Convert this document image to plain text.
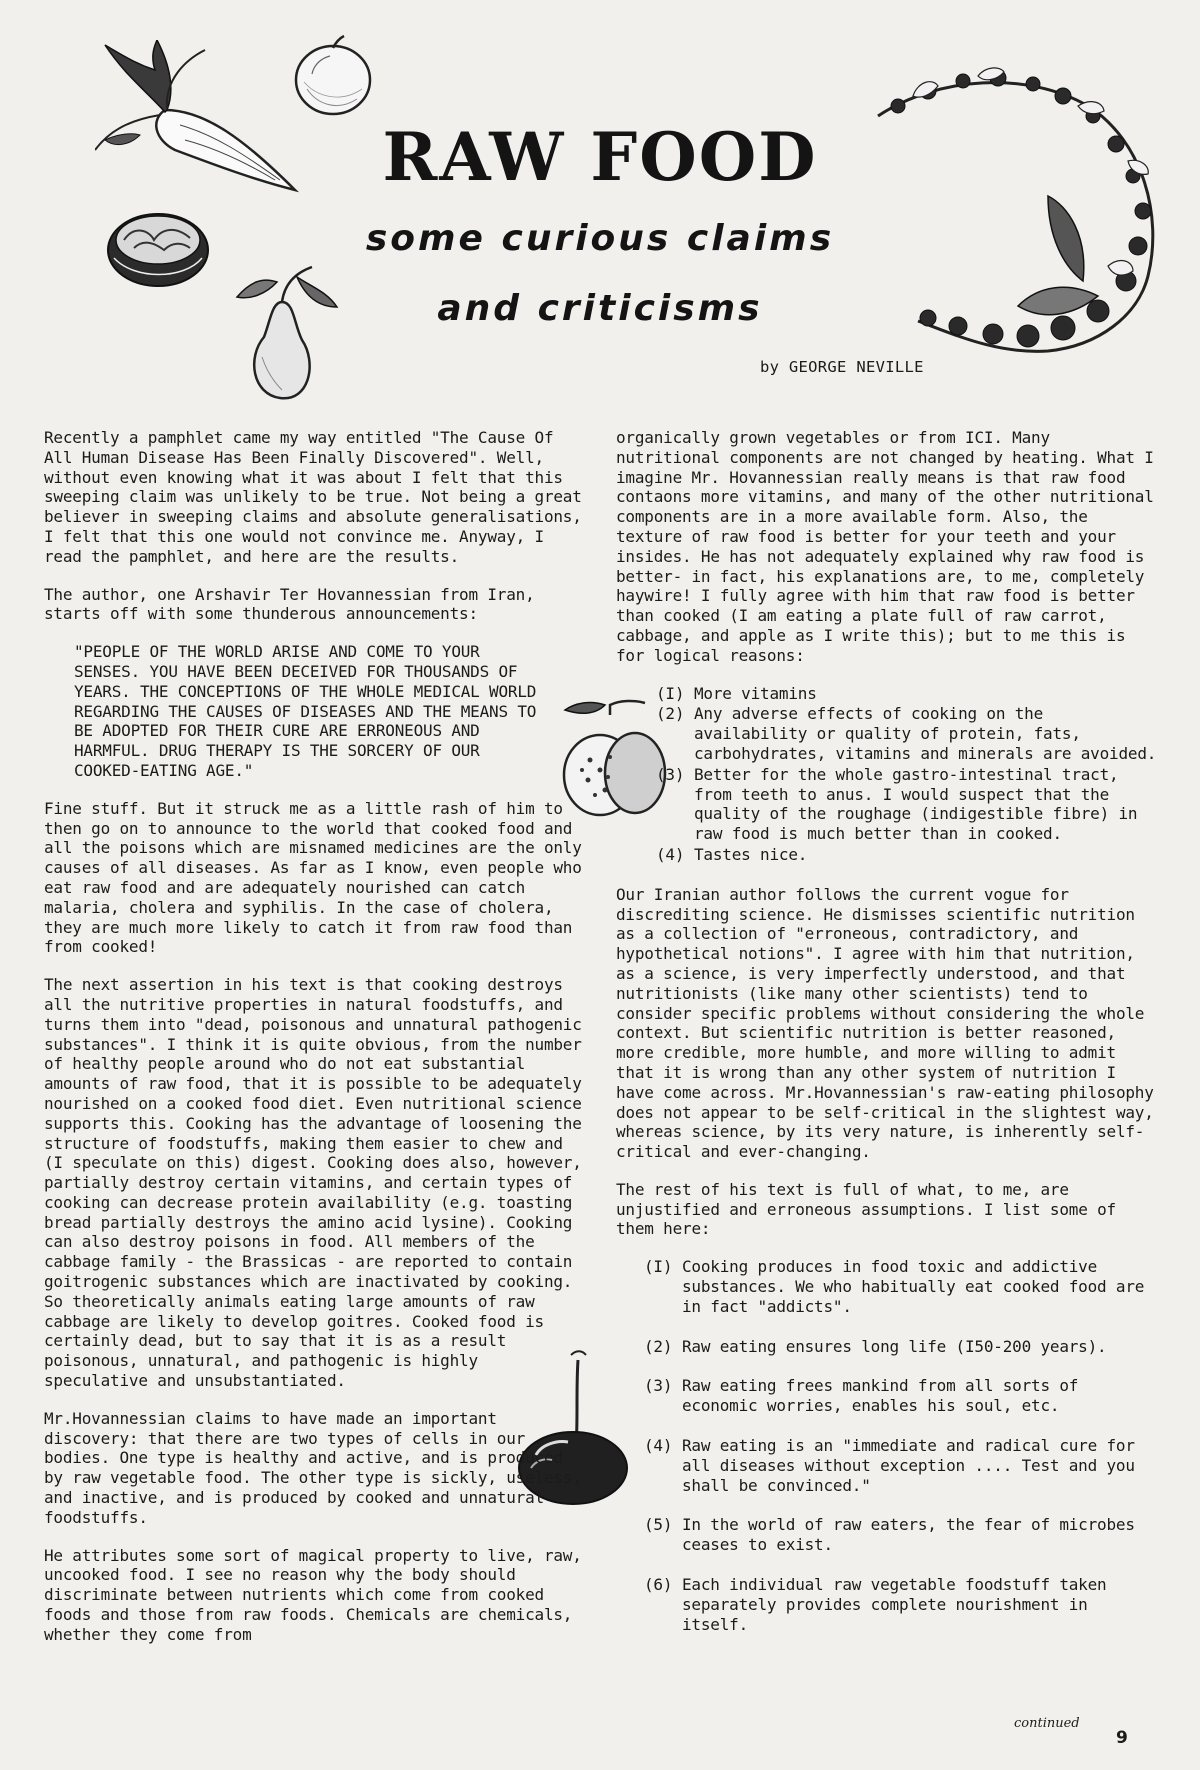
RAW FOOD
some curious claims
and criticisms
by GEORGE NEVILLE

Recently a pamphlet came my way entitled "The Cause Of All Human Disease Has Been Finally Discovered". Well, without even knowing what it was about I felt that this sweeping claim was unlikely to be true. Not being a great believer in sweeping claims and absolute generalisations, I felt that this one would not convince me. Anyway, I read the pamphlet, and here are the results.

The author, one Arshavir Ter Hovannessian from Iran, starts off with some thunderous announcements:

"PEOPLE OF THE WORLD ARISE AND COME TO YOUR SENSES. YOU HAVE BEEN DECEIVED FOR THOUSANDS OF YEARS. THE CONCEPTIONS OF THE WHOLE MEDICAL WORLD REGARDING THE CAUSES OF DISEASES AND THE MEANS TO BE ADOPTED FOR THEIR CURE ARE ERRONEOUS AND HARMFUL. DRUG THERAPY IS THE SORCERY OF OUR COOKED-EATING AGE."

Fine stuff. But it struck me as a little rash of him to then go on to announce to the world that cooked food and all the poisons which are misnamed medicines are the only causes of all diseases. As far as I know, even people who eat raw food and are adequately nourished can catch malaria, cholera and syphilis. In the case of cholera, they are much more likely to catch it from raw food than from cooked!

The next assertion in his text is that cooking destroys all the nutritive properties in natural foodstuffs, and turns them into "dead, poisonous and unnatural pathogenic substances". I think it is quite obvious, from the number of healthy people around who do not eat substantial amounts of raw food, that it is possible to be adequately nourished on a cooked food diet. Even nutritional science supports this. Cooking has the advantage of loosening the structure of foodstuffs, making them easier to chew and (I speculate on this) digest. Cooking does also, however, partially destroy certain vitamins, and certain types of cooking can decrease protein availability (e.g. toasting bread partially destroys the amino acid lysine). Cooking can also destroy poisons in food. All members of the cabbage family - the Brassicas - are reported to contain goitrogenic substances which are inactivated by cooking. So theoretically animals eating large amounts of raw cabbage are likely to develop goitres. Cooked food is certainly dead, but to say that it is as a result poisonous, unnatural, and pathogenic is highly speculative and unsubstantiated.

Mr.Hovannessian claims to have made an important discovery: that there are two types of cells in our bodies. One type is healthy and active, and is produced by raw vegetable food. The other type is sickly, useless, and inactive, and is produced by cooked and unnatural foodstuffs.

He attributes some sort of magical property to live, raw, uncooked food. I see no reason why the body should discriminate between nutrients which come from cooked foods and those from raw foods. Chemicals are chemicals, whether they come from

organically grown vegetables or from ICI. Many nutritional components are not changed by heating. What I imagine Mr. Hovannessian really means is that raw food contaons more vitamins, and many of the other nutritional components are in a more available form. Also, the texture of raw food is better for your teeth and your insides. He has not adequately explained why raw food is better- in fact, his explanations are, to me, completely haywire! I fully agree with him that raw food is better than cooked (I am eating a plate full of raw carrot, cabbage, and apple as I write this); but to me this is for logical reasons:

(I) More vitamins
(2) Any adverse effects of cooking on the availability or quality of protein, fats, carbohydrates, vitamins and minerals are avoided.
(3) Better for the whole gastro-intestinal tract, from teeth to anus. I would suspect that the quality of the roughage (indigestible fibre) in raw food is much better than in cooked.
(4) Tastes nice.

Our Iranian author follows the current vogue for discrediting science. He dismisses scientific nutrition as a collection of "erroneous, contradictory, and hypothetical notions". I agree with him that nutrition, as a science, is very imperfectly understood, and that nutritionists (like many other scientists) tend to consider specific problems without considering the whole context. But scientific nutrition is better reasoned, more credible, more humble, and more willing to admit that it is wrong than any other system of nutrition I have come across. Mr.Hovannessian's raw-eating philosophy does not appear to be self-critical in the slightest way, whereas science, by its very nature, is inherently self-critical and ever-changing.

The rest of his text is full of what, to me, are unjustified and erroneous assumptions. I list some of them here:

(I) Cooking produces in food toxic and addictive substances. We who habitually eat cooked food are in fact "addicts".
(2) Raw eating ensures long life (I50-200 years).
(3) Raw eating frees mankind from all sorts of economic worries, enables his soul, etc.
(4) Raw eating is an "immediate and radical cure for all diseases without exception .... Test and you shall be convinced."
(5) In the world of raw eaters, the fear of microbes ceases to exist.
(6) Each individual raw vegetable foodstuff taken separately provides complete nourishment in itself.
continued
9
